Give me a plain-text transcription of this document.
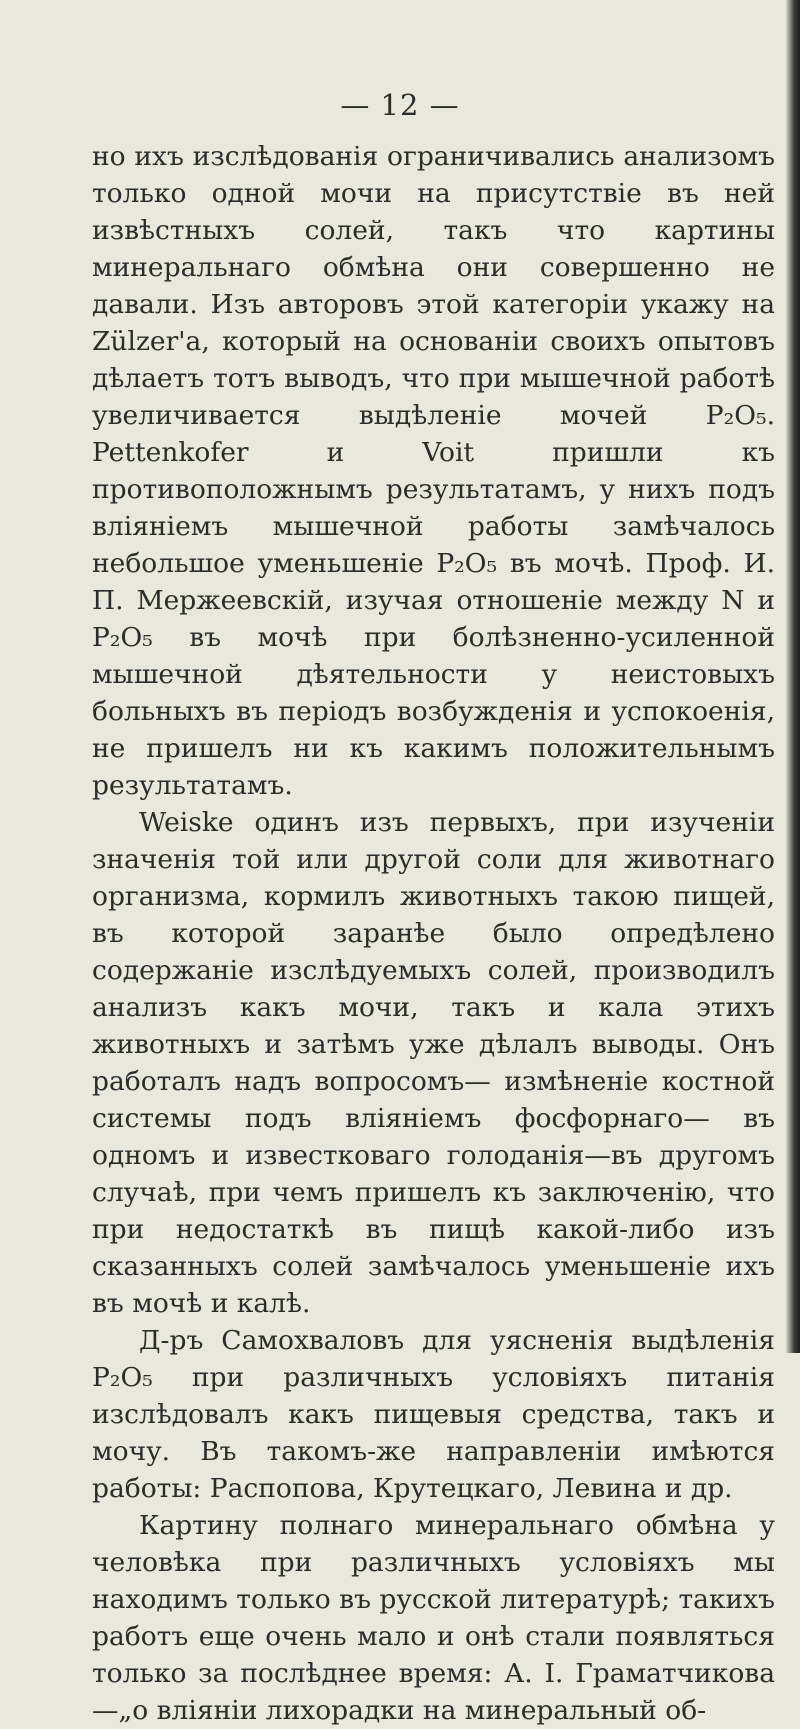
— 12 —

но ихъ изслѣдованія ограничивались анализомъ только одной мочи на присутствіе въ ней извѣстныхъ солей, такъ что картины минеральнаго обмѣна они совершенно не давали. Изъ авторовъ этой категоріи укажу на Zülzer'а, который на основаніи своихъ опытовъ дѣлаетъ тотъ выводъ, что при мышечной работѣ увеличивается выдѣленіе мочей P₂O₅. Pettenkofer и Voit пришли къ противоположнымъ результатамъ, у нихъ подъ вліяніемъ мышечной работы замѣчалось небольшое уменьшеніе P₂O₅ въ мочѣ. Проф. И. П. Мержеевскій, изучая отношеніе между N и P₂O₅ въ мочѣ при болѣзненно-усиленной мышечной дѣятельности у неистовыхъ больныхъ въ періодъ возбужденія и успокоенія, не пришелъ ни къ какимъ положительнымъ результатамъ.

Weiske одинъ изъ первыхъ, при изученіи значенія той или другой соли для животнаго организма, кормилъ животныхъ такою пищей, въ которой заранѣе было опредѣлено содержаніе изслѣдуемыхъ солей, производилъ анализъ какъ мочи, такъ и кала этихъ животныхъ и затѣмъ уже дѣлалъ выводы. Онъ работалъ надъ вопросомъ— измѣненіе костной системы подъ вліяніемъ фосфорнаго— въ одномъ и известковаго голоданія—въ другомъ случаѣ, при чемъ пришелъ къ заключенію, что при недостаткѣ въ пищѣ какой-либо изъ сказанныхъ солей замѣчалось уменьшеніе ихъ въ мочѣ и калѣ.

Д-ръ Самохваловъ для уясненія выдѣленія P₂O₅ при различныхъ условіяхъ питанія изслѣдовалъ какъ пищевыя средства, такъ и мочу. Въ такомъ-же направленіи имѣются работы: Распопова, Крутецкаго, Левина и др.

Картину полнаго минеральнаго обмѣна у человѣка при различныхъ условіяхъ мы находимъ только въ русской литературѣ; такихъ работъ еще очень мало и онѣ стали появляться только за послѣднее время: А. І. Граматчикова—„о вліяніи лихорадки на минеральный об-
